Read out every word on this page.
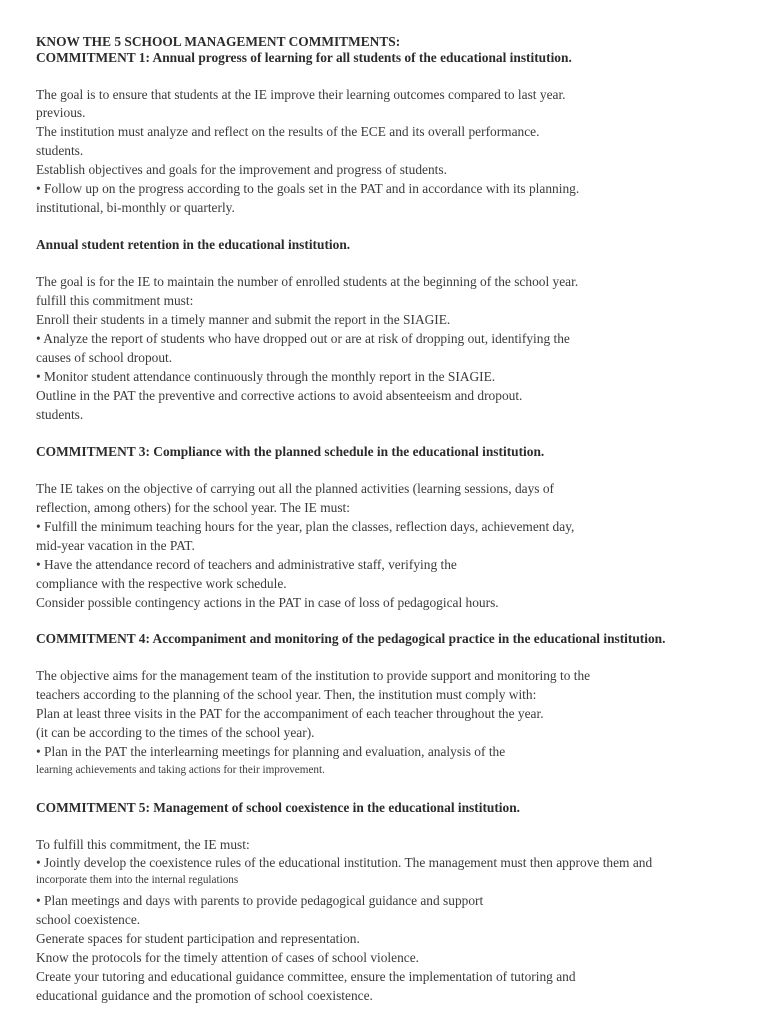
KNOW THE 5 SCHOOL MANAGEMENT COMMITMENTS:
COMMITMENT 1: Annual progress of learning for all students of the educational institution.
The goal is to ensure that students at the IE improve their learning outcomes compared to last year.
previous.
The institution must analyze and reflect on the results of the ECE and its overall performance.
students.
Establish objectives and goals for the improvement and progress of students.
• Follow up on the progress according to the goals set in the PAT and in accordance with its planning.
institutional, bi-monthly or quarterly.
Annual student retention in the educational institution.
The goal is for the IE to maintain the number of enrolled students at the beginning of the school year.
fulfill this commitment must:
Enroll their students in a timely manner and submit the report in the SIAGIE.
• Analyze the report of students who have dropped out or are at risk of dropping out, identifying the
causes of school dropout.
• Monitor student attendance continuously through the monthly report in the SIAGIE.
Outline in the PAT the preventive and corrective actions to avoid absenteeism and dropout.
students.
COMMITMENT 3: Compliance with the planned schedule in the educational institution.
The IE takes on the objective of carrying out all the planned activities (learning sessions, days of
reflection, among others) for the school year. The IE must:
• Fulfill the minimum teaching hours for the year, plan the classes, reflection days, achievement day,
mid-year vacation in the PAT.
• Have the attendance record of teachers and administrative staff, verifying the
compliance with the respective work schedule.
Consider possible contingency actions in the PAT in case of loss of pedagogical hours.
COMMITMENT 4: Accompaniment and monitoring of the pedagogical practice in the educational institution.
The objective aims for the management team of the institution to provide support and monitoring to the
teachers according to the planning of the school year. Then, the institution must comply with:
Plan at least three visits in the PAT for the accompaniment of each teacher throughout the year.
(it can be according to the times of the school year).
• Plan in the PAT the interlearning meetings for planning and evaluation, analysis of the
learning achievements and taking actions for their improvement.
COMMITMENT 5: Management of school coexistence in the educational institution.
To fulfill this commitment, the IE must:
• Jointly develop the coexistence rules of the educational institution. The management must then approve them and
incorporate them into the internal regulations
• Plan meetings and days with parents to provide pedagogical guidance and support
school coexistence.
Generate spaces for student participation and representation.
Know the protocols for the timely attention of cases of school violence.
Create your tutoring and educational guidance committee, ensure the implementation of tutoring and
educational guidance and the promotion of school coexistence.
